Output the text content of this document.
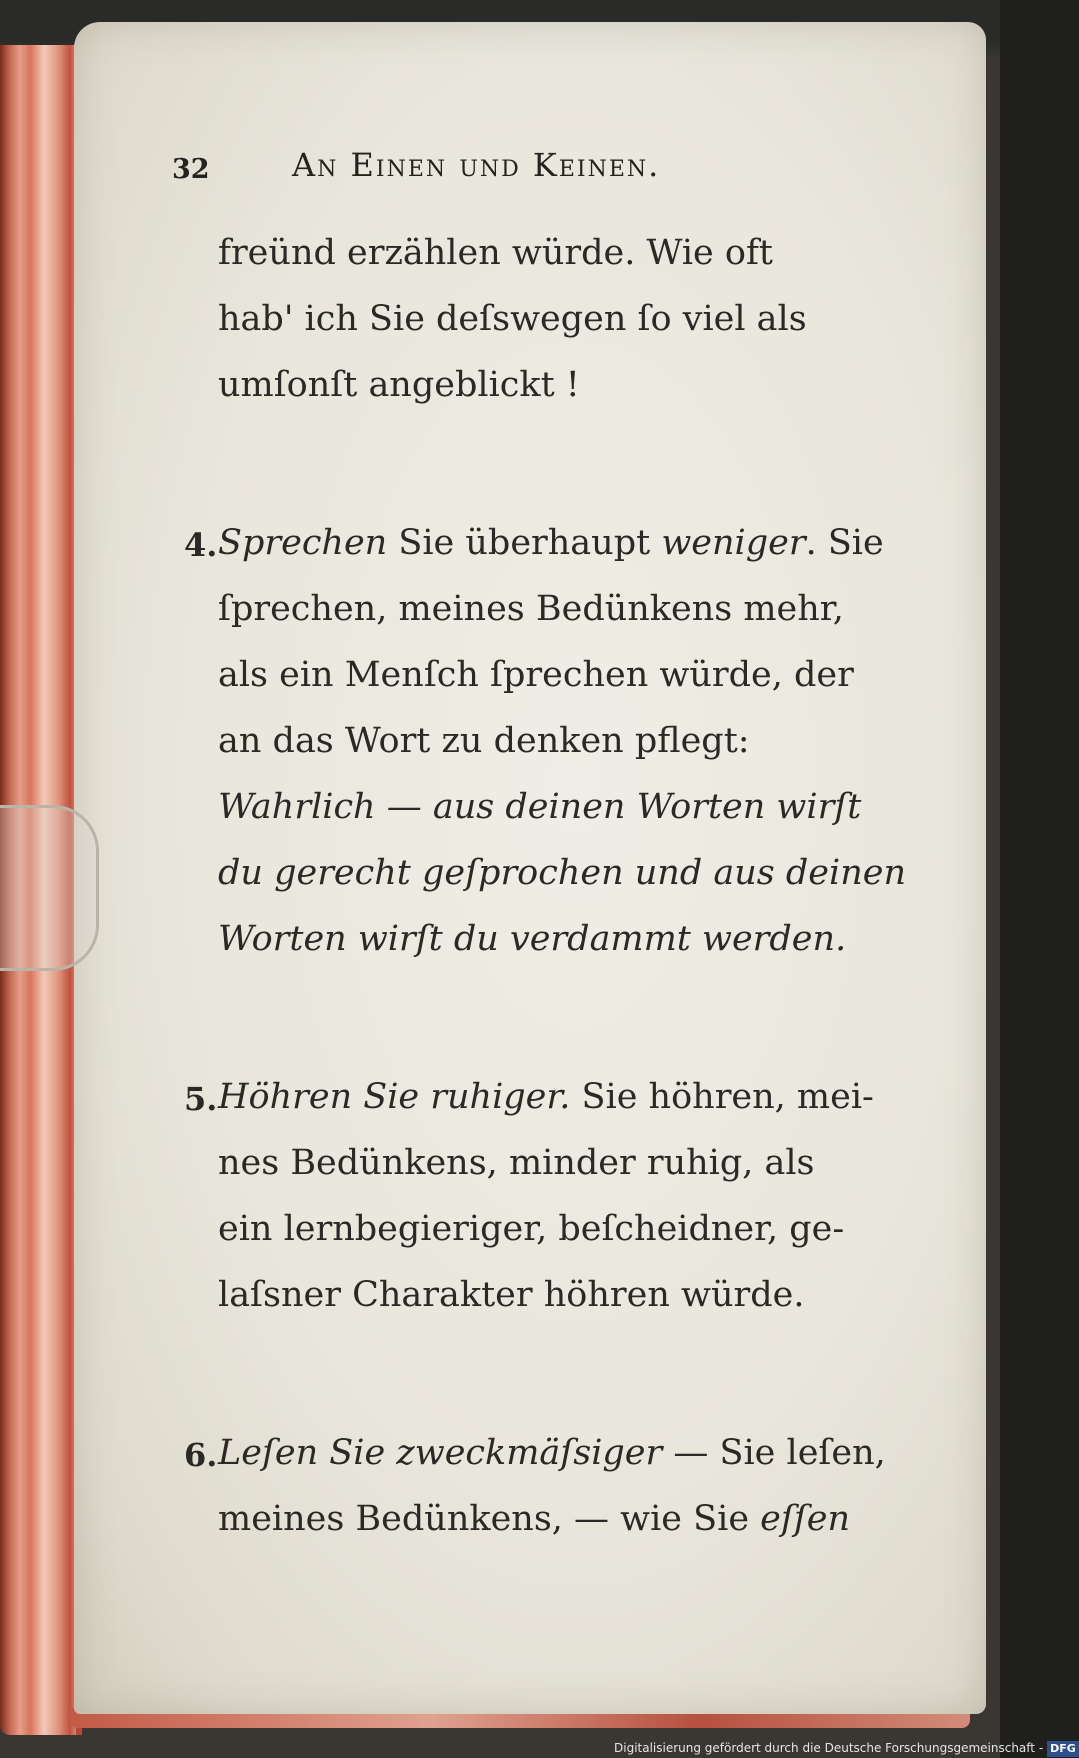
32	An Einen und Keinen.
freünd erzählen würde. Wie oft
hab' ich Sie deſswegen ſo viel als
umſonſt angeblickt !
4. Sprechen Sie überhaupt weniger. Sie
ſprechen, meines Bedünkens mehr,
als ein Menſch ſprechen würde, der
an das Wort zu denken pflegt:
Wahrlich — aus deinen Worten wirſt
du gerecht geſprochen und aus deinen
Worten wirſt du verdammt werden.
5. Höhren Sie ruhiger. Sie höhren, mei-
nes Bedünkens, minder ruhig, als
ein lernbegieriger, beſcheidner, ge-
laſsner Charakter höhren würde.
6. Leſen Sie zweckmäſsiger — Sie leſen,
meines Bedünkens, — wie Sie eſſen
Digitalisierung gefördert durch die Deutsche Forschungsgemeinschaft - DFG
